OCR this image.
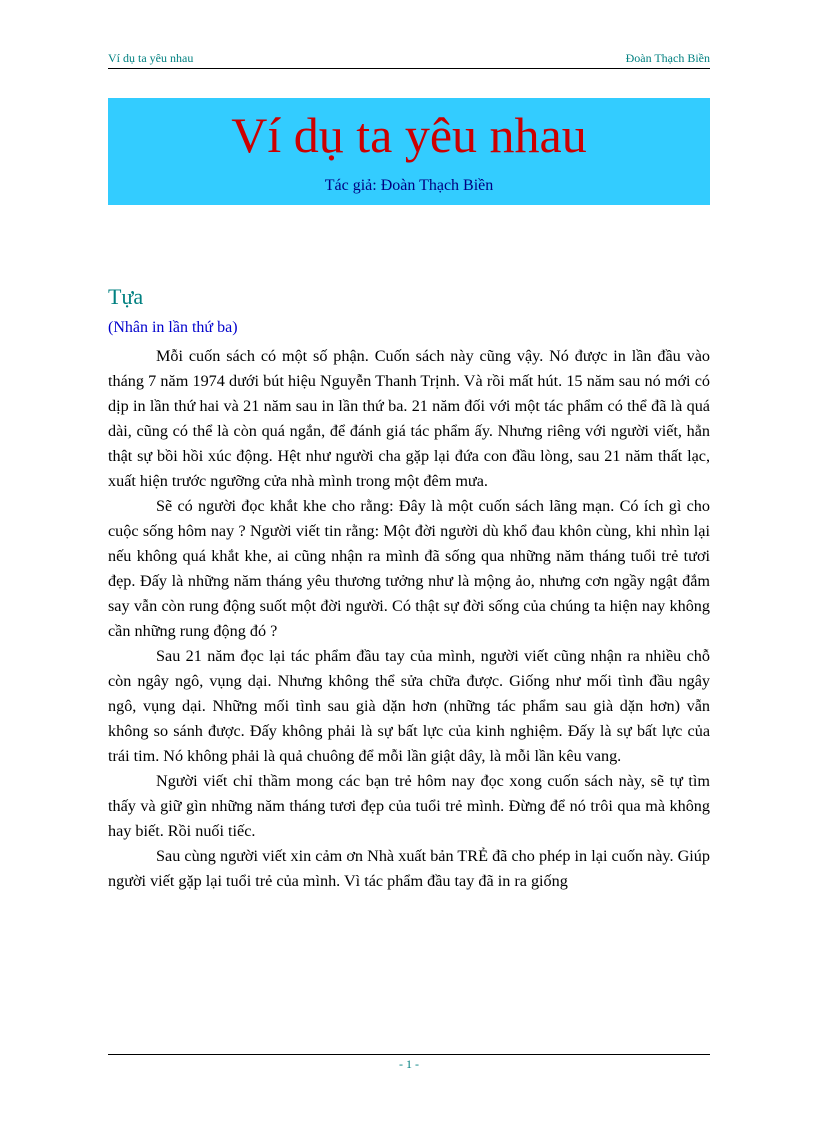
Ví dụ ta yêu nhau	Đoàn Thạch Biền
Ví dụ ta yêu nhau
Tác giả: Đoàn Thạch Biền
Tựa
(Nhân in lần thứ ba)

Mỗi cuốn sách có một số phận. Cuốn sách này cũng vậy. Nó được in lần đầu vào tháng 7 năm 1974 dưới bút hiệu Nguyễn Thanh Trịnh. Và rồi mất hút. 15 năm sau nó mới có dịp in lần thứ hai và 21 năm sau in lần thứ ba. 21 năm đối với một tác phẩm có thể đã là quá dài, cũng có thể là còn quá ngắn, để đánh giá tác phẩm ấy. Nhưng riêng với người viết, hẳn thật sự bồi hồi xúc động. Hệt như người cha gặp lại đứa con đầu lòng, sau 21 năm thất lạc, xuất hiện trước ngưỡng cửa nhà mình trong một đêm mưa.

Sẽ có người đọc khắt khe cho rằng: Đây là một cuốn sách lãng mạn. Có ích gì cho cuộc sống hôm nay ? Người viết tin rằng: Một đời người dù khổ đau khôn cùng, khi nhìn lại nếu không quá khắt khe, ai cũng nhận ra mình đã sống qua những năm tháng tuổi trẻ tươi đẹp. Đấy là những năm tháng yêu thương tưởng như là mộng ảo, nhưng cơn ngầy ngật đắm say vẫn còn rung động suốt một đời người. Có thật sự đời sống của chúng ta hiện nay không cần những rung động đó ?

Sau 21 năm đọc lại tác phẩm đầu tay của mình, người viết cũng nhận ra nhiều chỗ còn ngây ngô, vụng dại. Nhưng không thể sửa chữa được. Giống như mối tình đầu ngây ngô, vụng dại. Những mối tình sau già dặn hơn (những tác phẩm sau già dặn hơn) vẫn không so sánh được. Đấy không phải là sự bất lực của kinh nghiệm. Đấy là sự bất lực của trái tim. Nó không phải là quả chuông để mỗi lần giật dây, là mỗi lần kêu vang.

Người viết chỉ thầm mong các bạn trẻ hôm nay đọc xong cuốn sách này, sẽ tự tìm thấy và giữ gìn những năm tháng tươi đẹp của tuổi trẻ mình. Đừng để nó trôi qua mà không hay biết. Rồi nuối tiếc.

Sau cùng người viết xin cảm ơn Nhà xuất bản TRẺ đã cho phép in lại cuốn này. Giúp người viết gặp lại tuổi trẻ của mình. Vì tác phẩm đầu tay đã in ra giống

- 1 -
